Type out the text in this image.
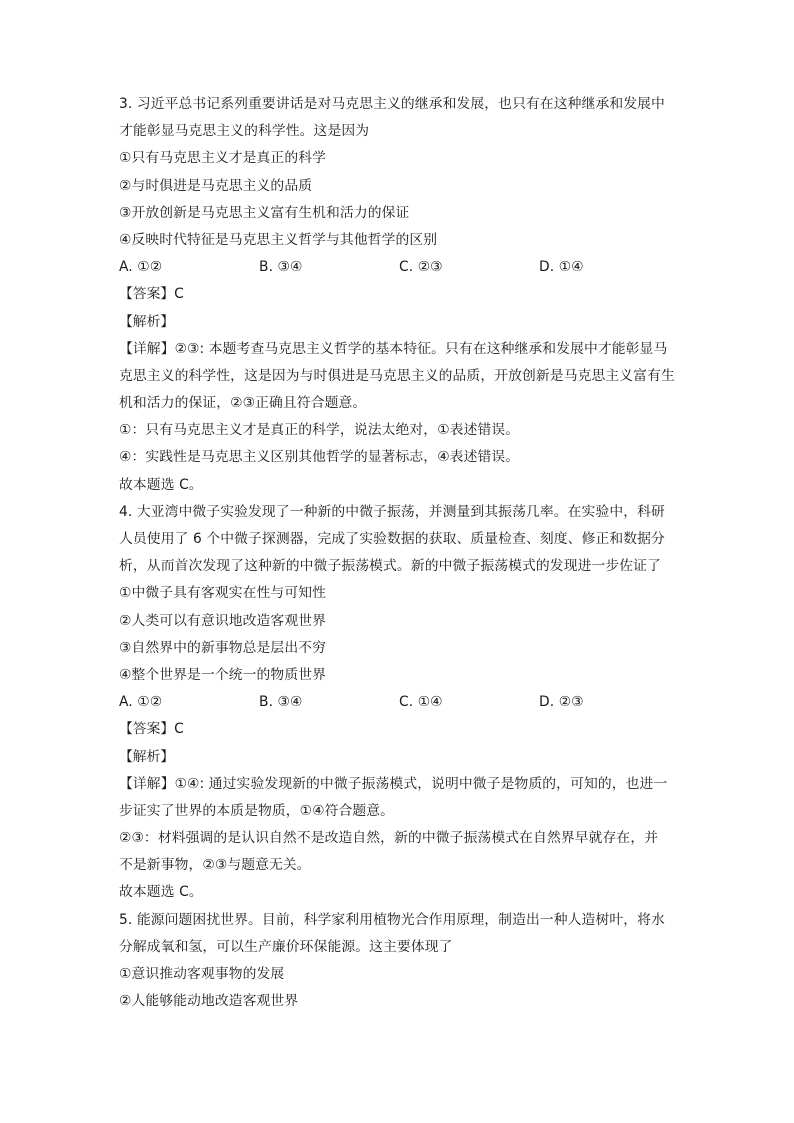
3. 习近平总书记系列重要讲话是对马克思主义的继承和发展，也只有在这种继承和发展中
才能彰显马克思主义的科学性。这是因为
①只有马克思主义才是真正的科学
②与时俱进是马克思主义的品质
③开放创新是马克思主义富有生机和活力的保证
④反映时代特征是马克思主义哲学与其他哲学的区别
A. ①②	B. ③④	C. ②③	D. ①④
【答案】C
【解析】
【详解】②③: 本题考查马克思主义哲学的基本特征。只有在这种继承和发展中才能彰显马
克思主义的科学性，这是因为与时俱进是马克思主义的品质，开放创新是马克思主义富有生
机和活力的保证，②③正确且符合题意。
①：只有马克思主义才是真正的科学，说法太绝对，①表述错误。
④：实践性是马克思主义区别其他哲学的显著标志，④表述错误。
故本题选 C。
4. 大亚湾中微子实验发现了一种新的中微子振荡，并测量到其振荡几率。在实验中，科研
人员使用了 6 个中微子探测器，完成了实验数据的获取、质量检查、刻度、修正和数据分
析，从而首次发现了这种新的中微子振荡模式。新的中微子振荡模式的发现进一步佐证了
①中微子具有客观实在性与可知性
②人类可以有意识地改造客观世界
③自然界中的新事物总是层出不穷
④整个世界是一个统一的物质世界
A. ①②	B. ③④	C. ①④	D. ②③
【答案】C
【解析】
【详解】①④: 通过实验发现新的中微子振荡模式，说明中微子是物质的，可知的，也进一
步证实了世界的本质是物质，①④符合题意。
②③：材料强调的是认识自然不是改造自然，新的中微子振荡模式在自然界早就存在，并
不是新事物，②③与题意无关。
故本题选 C。
5. 能源问题困扰世界。目前，科学家利用植物光合作用原理，制造出一种人造树叶，将水
分解成氧和氢，可以生产廉价环保能源。这主要体现了
①意识推动客观事物的发展
②人能够能动地改造客观世界
